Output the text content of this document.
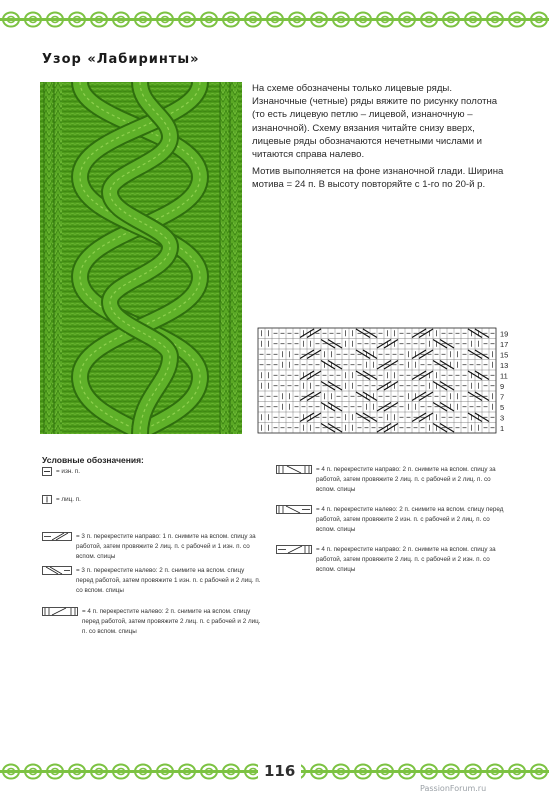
Узор «Лабиринты»

На схеме обозначены только лицевые ряды. Изнаночные (четные) ряды вяжите по рисунку полотна (то есть лицевую петлю – лицевой, изнаночную – изнаночной). Схему вязания читайте снизу вверх, лицевые ряды обозначаются нечетными числами и читаются справа налево.

Мотив выполняется на фоне изнаночной глади. Ширина мотива = 24 п. В высоту повторяйте с 1-го по 20-й р.

19
17
15
13
11
9
7
5
3
1
Условные обозначения:
= изн. п.
= лиц. п.
= 3 п. перекрестите направо: 1 п. снимите на вспом. спицу за работой, затем провяжите 2 лиц. п. с рабочей и 1 изн. п. со вспом. спицы
= 3 п. перекрестите налево: 2 п. снимите на вспом. спицу перед работой, затем провяжите 1 изн. п. с рабочей и 2 лиц. п. со вспом. спицы
= 4 п. перекрестите налево: 2 п. снимите на вспом. спицу перед работой, затем провяжите 2 лиц. п. с рабочей и 2 лиц. п. со вспом. спицы
= 4 п. перекрестите направо: 2 п. снимите на вспом. спицу за работой, затем провяжите 2 лиц. п. с рабочей и 2 лиц. п. со вспом. спицы
= 4 п. перекрестите налево: 2 п. снимите на вспом. спицу перед работой, затем провяжите 2 изн. п. с рабочей и 2 лиц. п. со вспом. спицы
= 4 п. перекрестите направо: 2 п. снимите на вспом. спицу за работой, затем провяжите 2 лиц. п. с рабочей и 2 изн. п. со вспом. спицы
116
PassionForum.ru
